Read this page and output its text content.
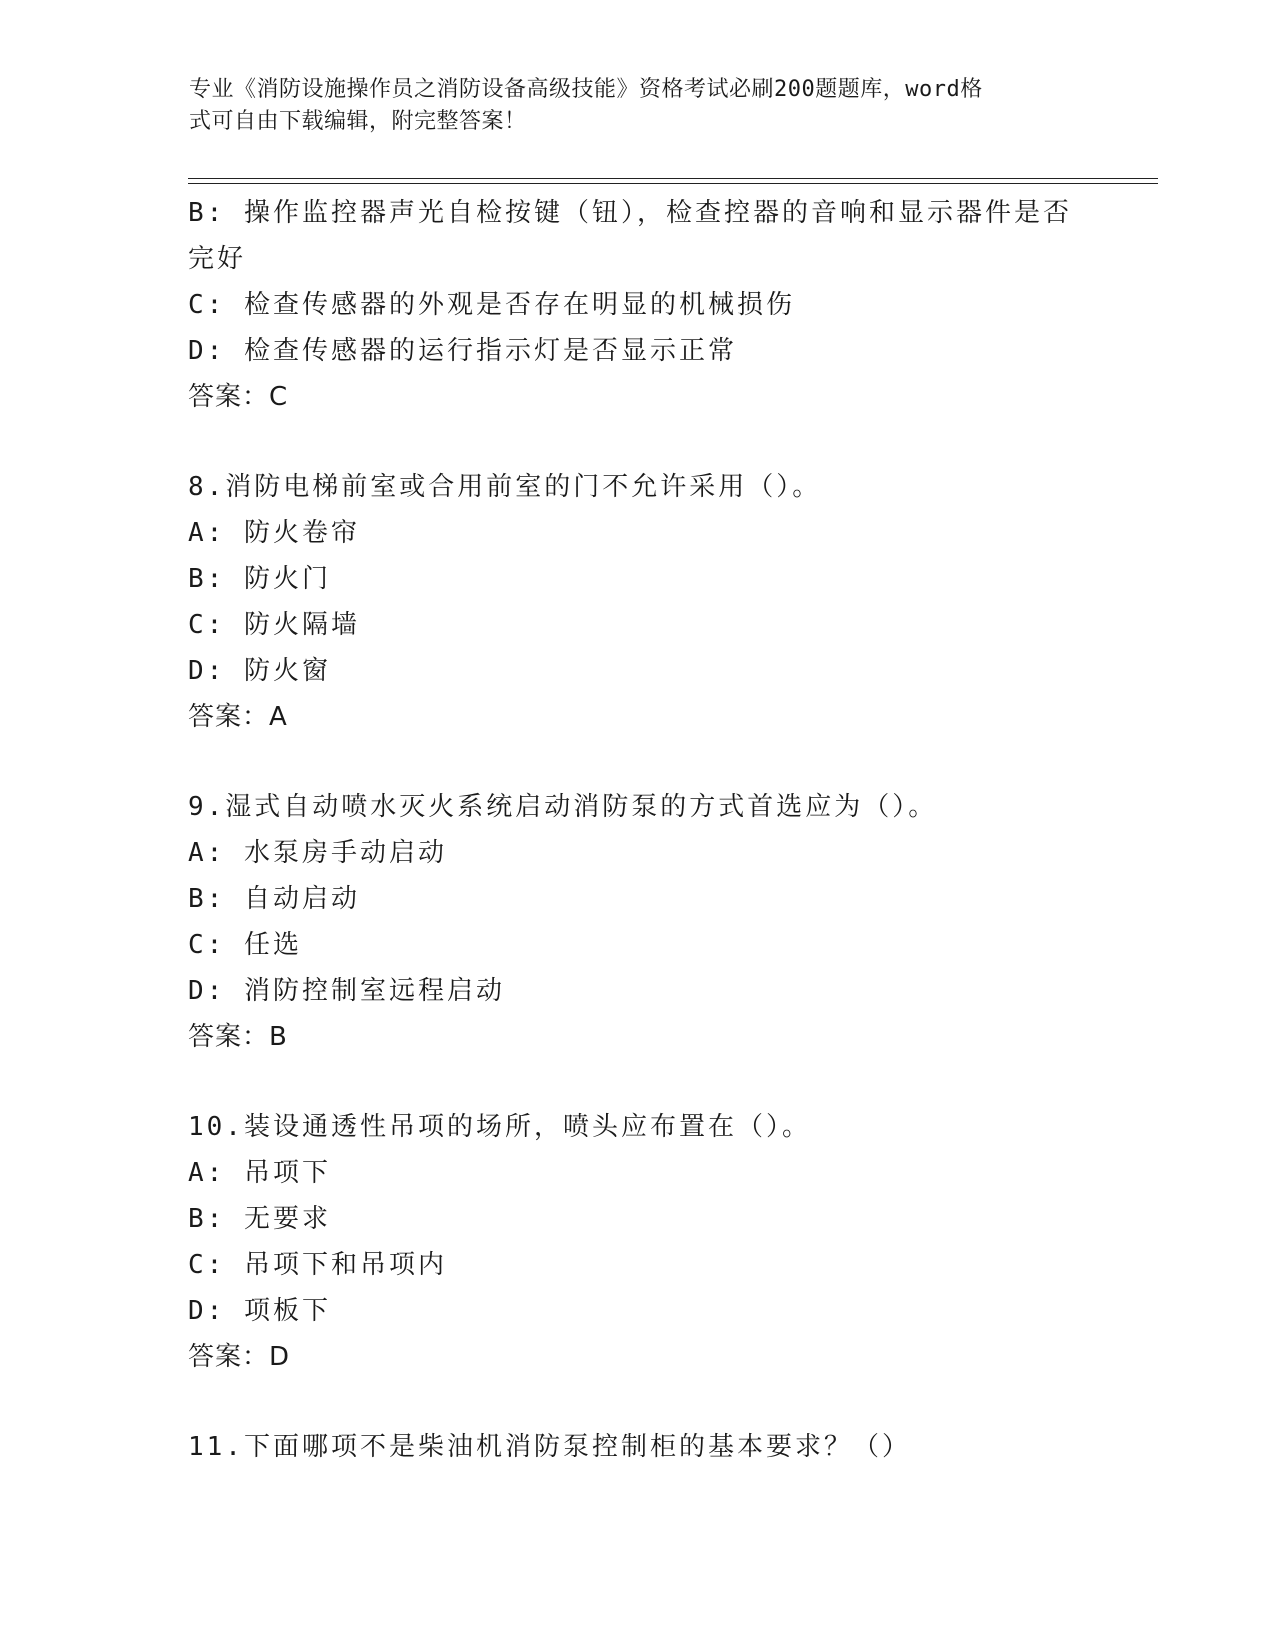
专业《消防设施操作员之消防设备高级技能》资格考试必刷200题题库，word格
式可自由下载编辑，附完整答案！
B: 操作监控器声光自检按键（钮），检查控器的音响和显示器件是否
完好
C: 检查传感器的外观是否存在明显的机械损伤
D: 检查传感器的运行指示灯是否显示正常
答案：C
8.消防电梯前室或合用前室的门不允许采用（）。
A: 防火卷帘
B: 防火门
C: 防火隔墙
D: 防火窗
答案：A
9.湿式自动喷水灭火系统启动消防泵的方式首选应为（）。
A: 水泵房手动启动
B: 自动启动
C: 任选
D: 消防控制室远程启动
答案：B
10.装设通透性吊项的场所，喷头应布置在（）。
A: 吊项下
B: 无要求
C: 吊项下和吊项内
D: 项板下
答案：D
11.下面哪项不是柴油机消防泵控制柜的基本要求？（）
